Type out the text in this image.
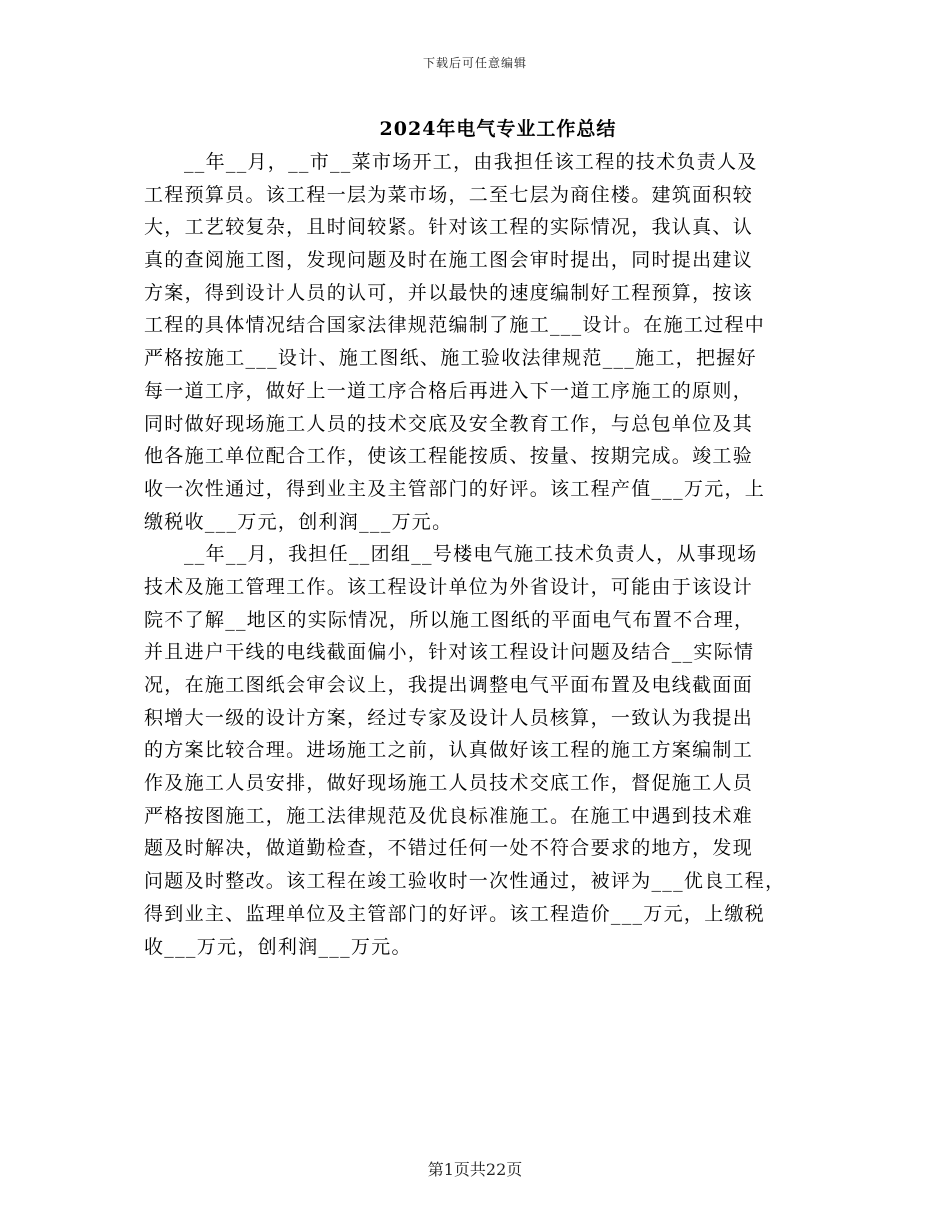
下载后可任意编辑
2024年电气专业工作总结
__年__月，__市__菜市场开工，由我担任该工程的技术负责人及
工程预算员。该工程一层为菜市场，二至七层为商住楼。建筑面积较
大，工艺较复杂，且时间较紧。针对该工程的实际情况，我认真、认
真的查阅施工图，发现问题及时在施工图会审时提出，同时提出建议
方案，得到设计人员的认可，并以最快的速度编制好工程预算，按该
工程的具体情况结合国家法律规范编制了施工___设计。在施工过程中
严格按施工___设计、施工图纸、施工验收法律规范___施工，把握好
每一道工序，做好上一道工序合格后再进入下一道工序施工的原则，
同时做好现场施工人员的技术交底及安全教育工作，与总包单位及其
他各施工单位配合工作，使该工程能按质、按量、按期完成。竣工验
收一次性通过，得到业主及主管部门的好评。该工程产值___万元，上
缴税收___万元，创利润___万元。
__年__月，我担任__团组__号楼电气施工技术负责人，从事现场
技术及施工管理工作。该工程设计单位为外省设计，可能由于该设计
院不了解__地区的实际情况，所以施工图纸的平面电气布置不合理，
并且进户干线的电线截面偏小，针对该工程设计问题及结合__实际情
况，在施工图纸会审会议上，我提出调整电气平面布置及电线截面面
积增大一级的设计方案，经过专家及设计人员核算，一致认为我提出
的方案比较合理。进场施工之前，认真做好该工程的施工方案编制工
作及施工人员安排，做好现场施工人员技术交底工作，督促施工人员
严格按图施工，施工法律规范及优良标准施工。在施工中遇到技术难
题及时解决，做道勤检查，不错过任何一处不符合要求的地方，发现
问题及时整改。该工程在竣工验收时一次性通过，被评为___优良工程，
得到业主、监理单位及主管部门的好评。该工程造价___万元，上缴税
收___万元，创利润___万元。
第1页共22页
